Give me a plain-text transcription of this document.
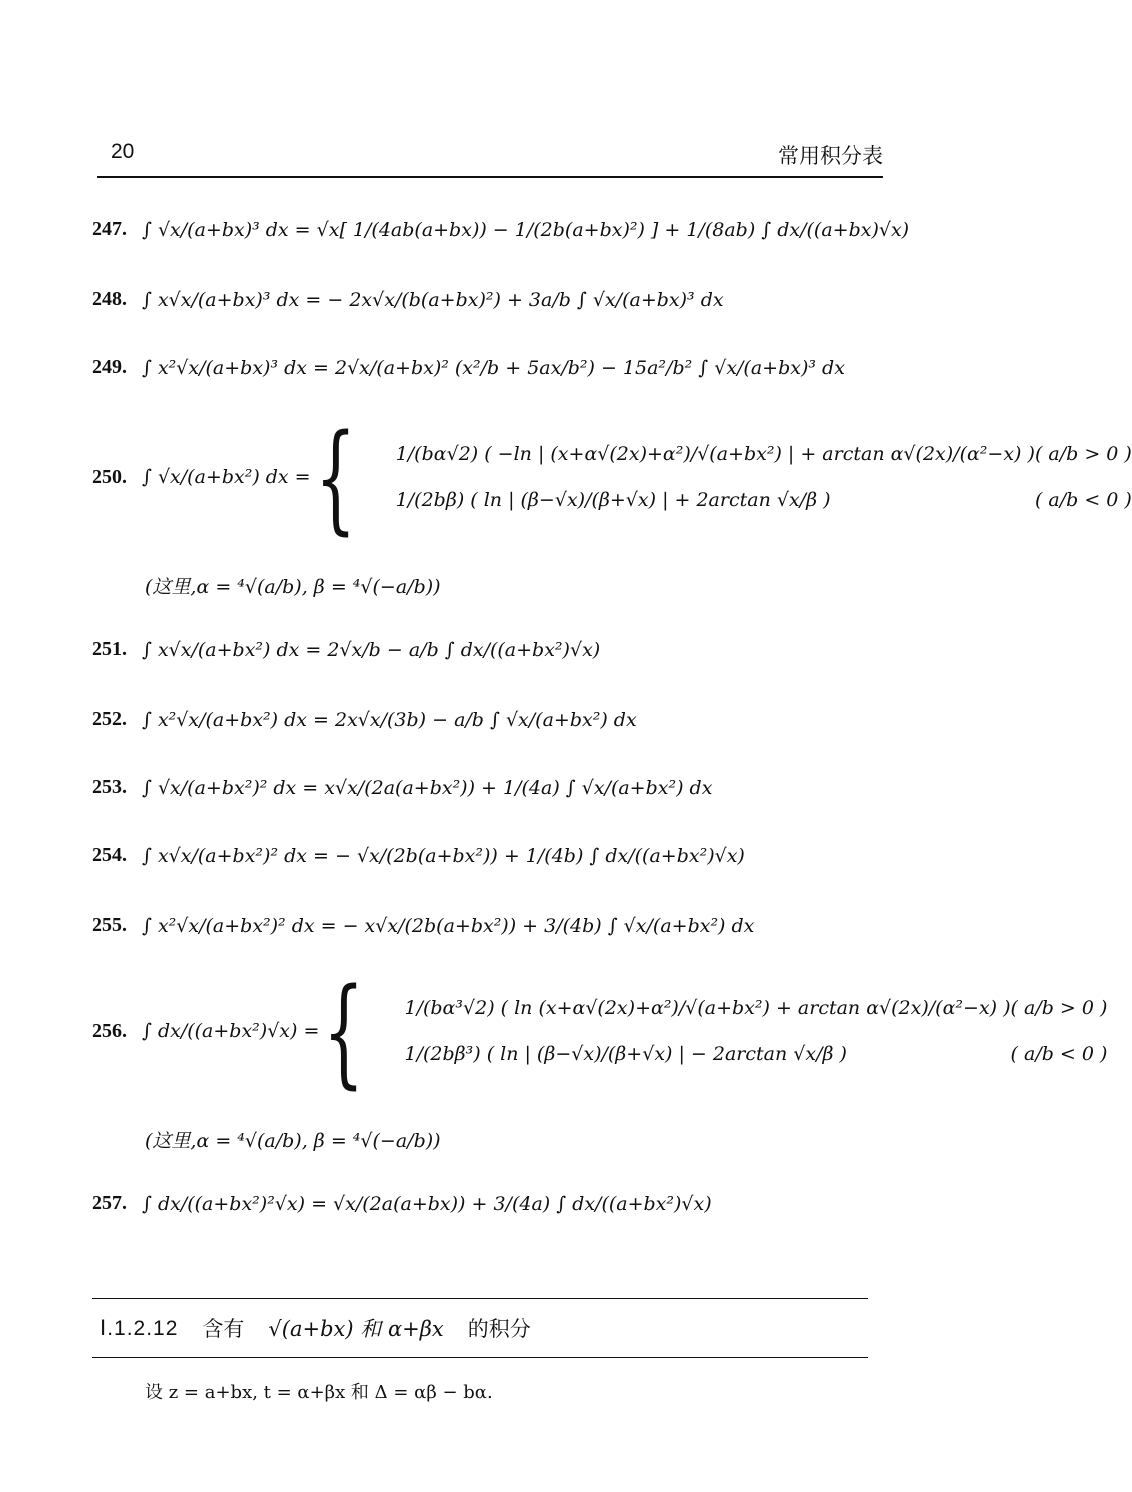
20	常用积分表
247. ∫ √x/(a+bx)³ dx = √x[ 1/(4ab(a+bx)) − 1/(2b(a+bx)²) ] + 1/(8ab) ∫ dx/((a+bx)√x)
248. ∫ x√x/(a+bx)³ dx = − 2x√x/(b(a+bx)²) + 3a/b ∫ √x/(a+bx)³ dx
249. ∫ x²√x/(a+bx)³ dx = 2√x/(a+bx)² (x²/b + 5ax/b²) − 15a²/b² ∫ √x/(a+bx)³ dx
250. ∫ √x/(a+bx²) dx = { 1/(bα√2) ( −ln | (x+α√(2x)+α²)/√(a+bx²) | + arctan α√(2x)/(α²−x) ) ( a/b > 0 )
1/(2bβ) ( ln | (β−√x)/(β+√x) | + 2arctan √x/β )	( a/b < 0 )
(这里,α = ⁴√(a/b), β = ⁴√(−a/b))
251. ∫ x√x/(a+bx²) dx = 2√x/b − a/b ∫ dx/((a+bx²)√x)
252. ∫ x²√x/(a+bx²) dx = 2x√x/(3b) − a/b ∫ √x/(a+bx²) dx
253. ∫ √x/(a+bx²)² dx = x√x/(2a(a+bx²)) + 1/(4a) ∫ √x/(a+bx²) dx
254. ∫ x√x/(a+bx²)² dx = − √x/(2b(a+bx²)) + 1/(4b) ∫ dx/((a+bx²)√x)
255. ∫ x²√x/(a+bx²)² dx = − x√x/(2b(a+bx²)) + 3/(4b) ∫ √x/(a+bx²) dx
256. ∫ dx/((a+bx²)√x) = { 1/(bα³√2) ( ln (x+α√(2x)+α²)/√(a+bx²) + arctan α√(2x)/(α²−x) ) ( a/b > 0 )
1/(2bβ³) ( ln | (β−√x)/(β+√x) | − 2arctan √x/β )	( a/b < 0 )
(这里,α = ⁴√(a/b), β = ⁴√(−a/b))
257. ∫ dx/((a+bx²)²√x) = √x/(2a(a+bx)) + 3/(4a) ∫ dx/((a+bx²)√x)
Ⅰ.1.2.12 含有 √(a+bx) 和 α+βx 的积分
设 z = a+bx, t = α+βx 和 Δ = αβ − bα.
